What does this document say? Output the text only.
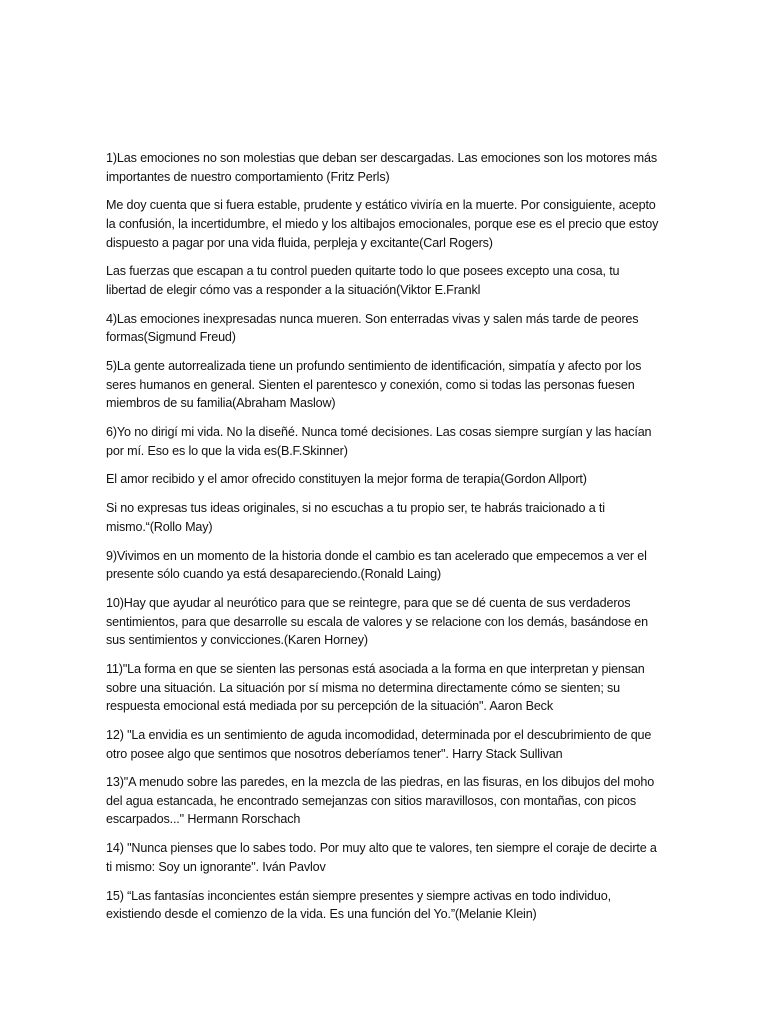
1)Las emociones no son molestias que deban ser descargadas. Las emociones son los motores más importantes de nuestro comportamiento (Fritz Perls)

Me doy cuenta que si fuera estable, prudente y estático viviría en la muerte. Por consiguiente, acepto la confusión, la incertidumbre, el miedo y los altibajos emocionales, porque ese es el precio que estoy dispuesto a pagar por una vida fluida, perpleja y excitante(Carl Rogers)

Las fuerzas que escapan a tu control pueden quitarte todo lo que posees excepto una cosa, tu libertad de elegir cómo vas a responder a la situación(Viktor E.Frankl

4)Las emociones inexpresadas nunca mueren. Son enterradas vivas y salen más tarde de peores formas(Sigmund Freud)

5)La gente autorrealizada tiene un profundo sentimiento de identificación, simpatía y afecto por los seres humanos en general. Sienten el parentesco y conexión, como si todas las personas fuesen miembros de su familia(Abraham Maslow)

6)Yo no dirigí mi vida. No la diseñé. Nunca tomé decisiones. Las cosas siempre surgían y las hacían por mí. Eso es lo que la vida es(B.F.Skinner)

El amor recibido y el amor ofrecido constituyen la mejor forma de terapia(Gordon Allport)

Si no expresas tus ideas originales, si no escuchas a tu propio ser, te habrás traicionado a ti mismo.“(Rollo May)

9)Vivimos en un momento de la historia donde el cambio es tan acelerado que empecemos a ver el presente sólo cuando ya está desapareciendo.(Ronald Laing)

10)Hay que ayudar al neurótico para que se reintegre, para que se dé cuenta de sus verdaderos sentimientos, para que desarrolle su escala de valores y se relacione con los demás, basándose en sus sentimientos y convicciones.(Karen Horney)

11)"La forma en que se sienten las personas está asociada a la forma en que interpretan y piensan sobre una situación. La situación por sí misma no determina directamente cómo se sienten; su respuesta emocional está mediada por su percepción de la situación". Aaron Beck

12) "La envidia es un sentimiento de aguda incomodidad, determinada por el descubrimiento de que otro posee algo que sentimos que nosotros deberíamos tener". Harry Stack Sullivan

13)"A menudo sobre las paredes, en la mezcla de las piedras, en las fisuras, en los dibujos del moho del agua estancada, he encontrado semejanzas con sitios maravillosos, con montañas, con picos escarpados..." Hermann Rorschach

14) "Nunca pienses que lo sabes todo. Por muy alto que te valores, ten siempre el coraje de decirte a ti mismo: Soy un ignorante". Iván Pavlov

15) “Las fantasías inconcientes están siempre presentes y siempre activas en todo individuo, existiendo desde el comienzo de la vida. Es una función del Yo.”(Melanie Klein)
